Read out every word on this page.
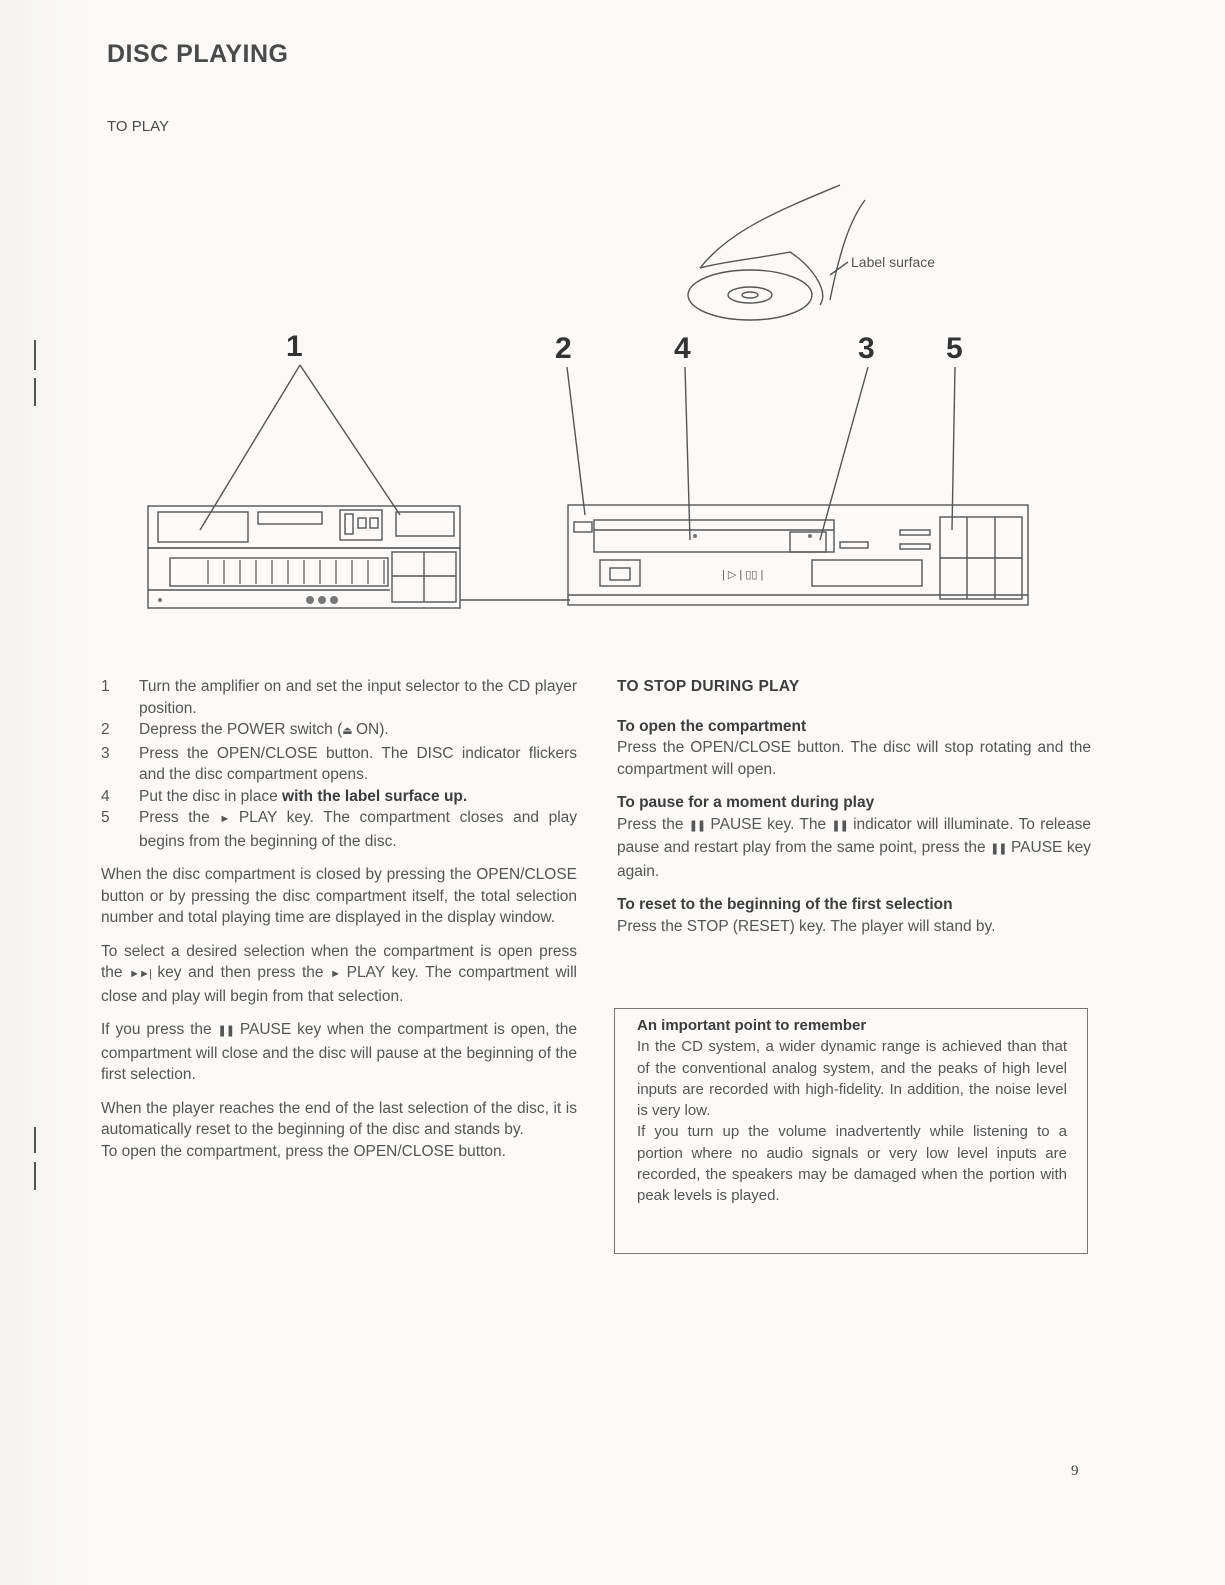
DISC PLAYING
TO PLAY
1	2	4	3 5
Label surface
| ▷ | ▯▯ |
1 Turn the amplifier on and set the input selector to the CD player position.
2 Depress the POWER switch (⏏ ON).
3 Press the OPEN/CLOSE button. The DISC indicator flickers and the disc compartment opens.
4 Put the disc in place with the label surface up.
5 Press the ► PLAY key. The compartment closes and play begins from the beginning of the disc.

When the disc compartment is closed by pressing the OPEN/CLOSE button or by pressing the disc compartment itself, the total selection number and total playing time are displayed in the display window.

To select a desired selection when the compartment is open press the ►►| key and then press the ► PLAY key. The compartment will close and play will begin from that selection.

If you press the ❚❚ PAUSE key when the compartment is open, the compartment will close and the disc will pause at the beginning of the first selection.

When the player reaches the end of the last selection of the disc, it is automatically reset to the beginning of the disc and stands by.

To open the compartment, press the OPEN/CLOSE button.

TO STOP DURING PLAY

To open the compartment
Press the OPEN/CLOSE button. The disc will stop rotating and the compartment will open.

To pause for a moment during play
Press the ❚❚ PAUSE key. The ❚❚ indicator will illuminate. To release pause and restart play from the same point, press the ❚❚ PAUSE key again.

To reset to the beginning of the first selection
Press the STOP (RESET) key. The player will stand by.

An important point to remember

In the CD system, a wider dynamic range is achieved than that of the conventional analog system, and the peaks of high level inputs are recorded with high-fidelity. In addition, the noise level is very low.

If you turn up the volume inadvertently while listening to a portion where no audio signals or very low level inputs are recorded, the speakers may be damaged when the portion with peak levels is played.

9
